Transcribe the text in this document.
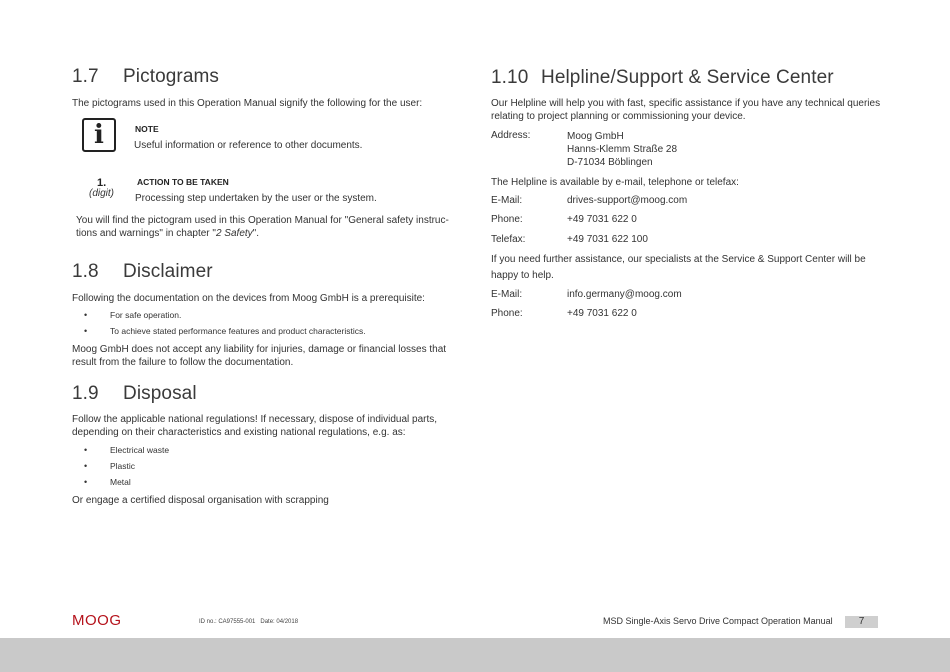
1.7 Pictograms

The pictograms used in this Operation Manual signify the following for the user:

i	NOTE

Useful information or reference to other documents.

1.
(digit)
ACTION TO BE TAKEN

Processing step undertaken by the user or the system.

You will find the pictogram used in this Operation Manual for "General safety instruc-

tions and warnings" in chapter "2 Safety".

1.8 Disclaimer

Following the documentation on the devices from Moog GmbH is a prerequisite:

•	For safe operation.
•	To achieve stated performance features and product characteristics.

Moog GmbH does not accept any liability for injuries, damage or financial losses that

result from the failure to follow the documentation.

1.9 Disposal

Follow the applicable national regulations! If necessary, dispose of individual parts,

depending on their characteristics and existing national regulations, e.g. as:

•	Electrical waste
•	Plastic
•	Metal

Or engage a certified disposal organisation with scrapping

1.10 Helpline/Support & Service Center

Our Helpline will help you with fast, specific assistance if you have any technical queries

relating to project planning or commissioning your device.

Address:	Moog GmbH
Hanns-Klemm Straße 28
D-71034 Böblingen

The Helpline is available by e-mail, telephone or telefax:

E-Mail:	drives-support@moog.com
Phone:	+49 7031 622 0
Telefax:	+49 7031 622 100

If you need further assistance, our specialists at the Service & Support Center will be

happy to help.

E-Mail:	info.germany@moog.com
Phone:	+49 7031 622 0
MOOG	ID no.: CA97555-001   Date: 04/2018	MSD Single-Axis Servo Drive Compact Operation Manual	7
